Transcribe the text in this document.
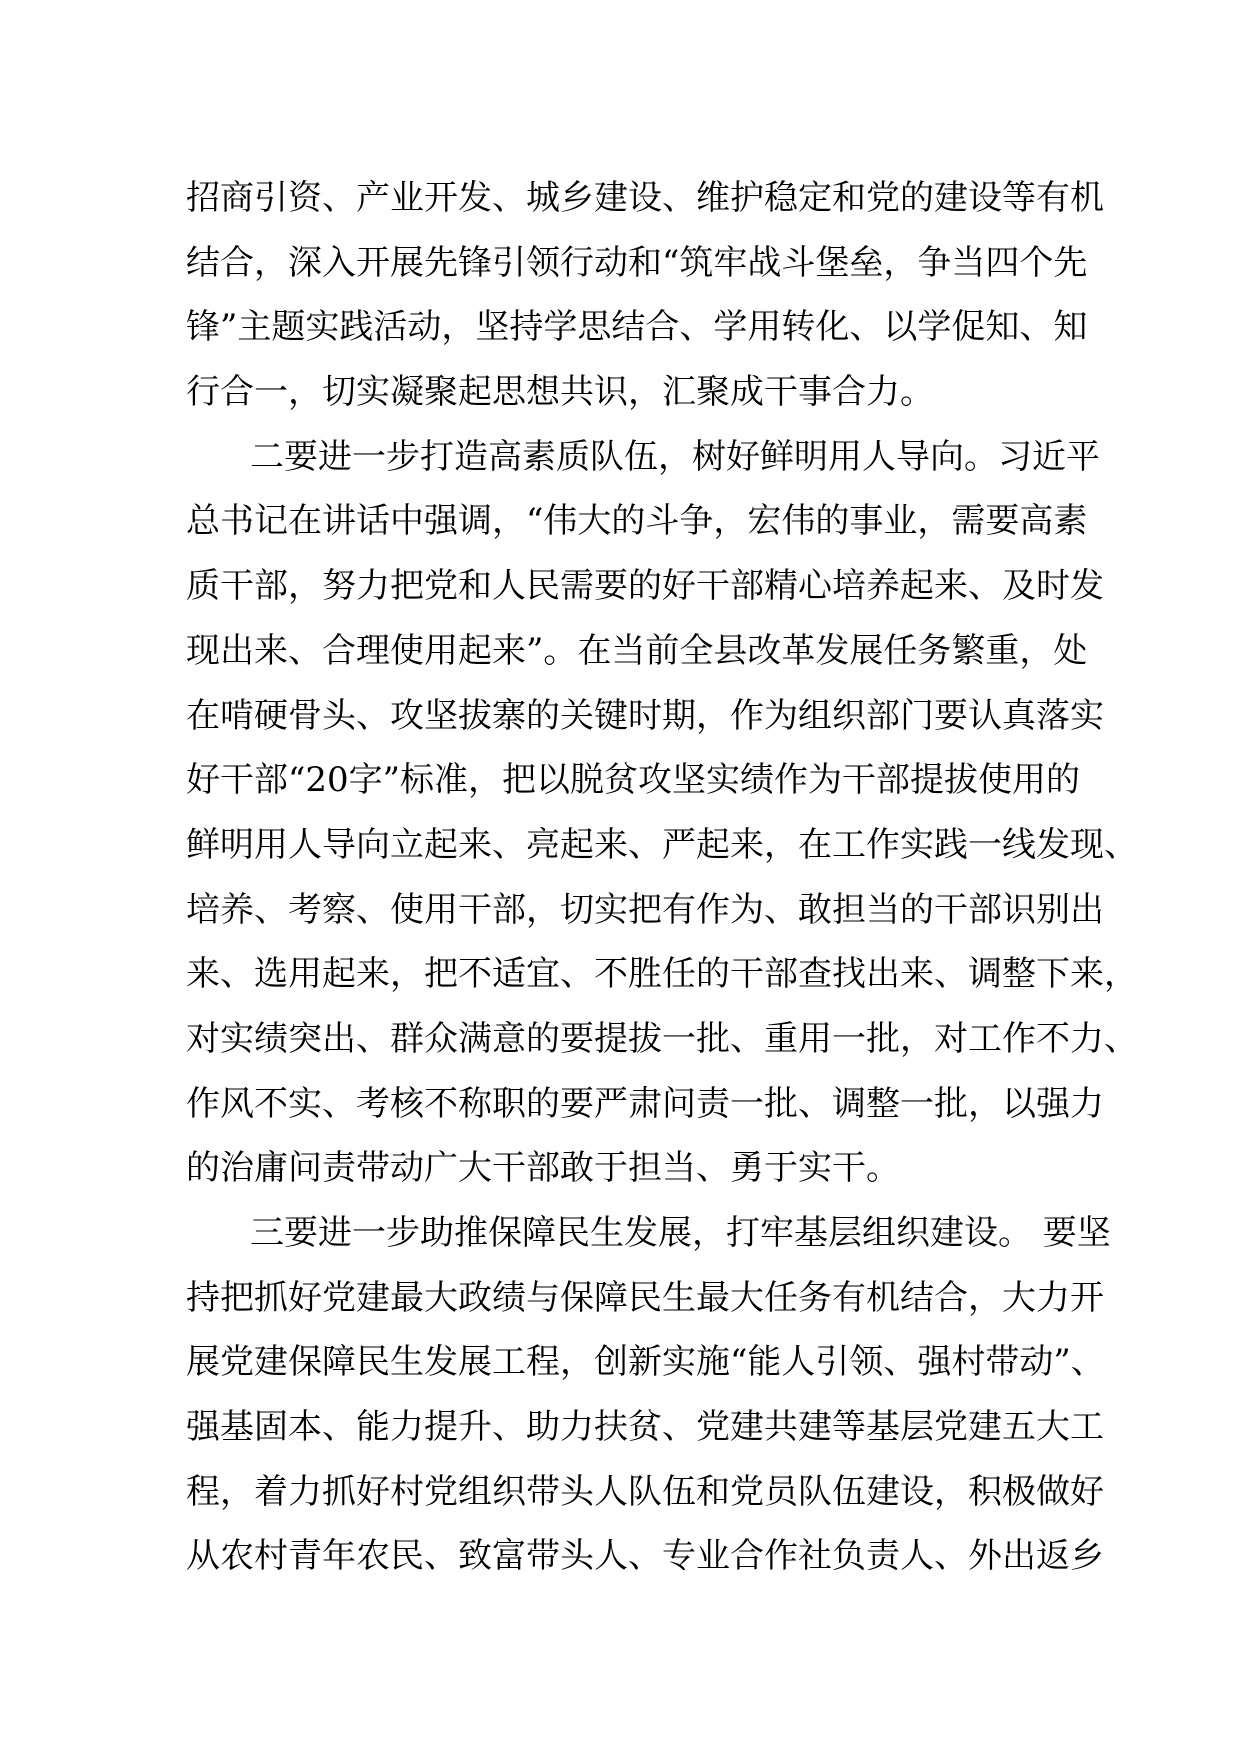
招商引资、产业开发、城乡建设、维护稳定和党的建设等有机
结合，深入开展先锋引领行动和“筑牢战斗堡垒，争当四个先
锋”主题实践活动，坚持学思结合、学用转化、以学促知、知
行合一，切实凝聚起思想共识，汇聚成干事合力。
二要进一步打造高素质队伍，树好鲜明用人导向。习近平
总书记在讲话中强调，“伟大的斗争，宏伟的事业，需要高素
质干部，努力把党和人民需要的好干部精心培养起来、及时发
现出来、合理使用起来”。在当前全县改革发展任务繁重，处
在啃硬骨头、攻坚拔寨的关键时期，作为组织部门要认真落实
好干部“20字”标准，把以脱贫攻坚实绩作为干部提拔使用的
鲜明用人导向立起来、亮起来、严起来，在工作实践一线发现、
培养、考察、使用干部，切实把有作为、敢担当的干部识别出
来、选用起来，把不适宜、不胜任的干部查找出来、调整下来，
对实绩突出、群众满意的要提拔一批、重用一批，对工作不力、
作风不实、考核不称职的要严肃问责一批、调整一批，以强力
的治庸问责带动广大干部敢于担当、勇于实干。
三要进一步助推保障民生发展，打牢基层组织建设。 要坚
持把抓好党建最大政绩与保障民生最大任务有机结合，大力开
展党建保障民生发展工程，创新实施“能人引领、强村带动”、
强基固本、能力提升、助力扶贫、党建共建等基层党建五大工
程，着力抓好村党组织带头人队伍和党员队伍建设，积极做好
从农村青年农民、致富带头人、专业合作社负责人、外出返乡
